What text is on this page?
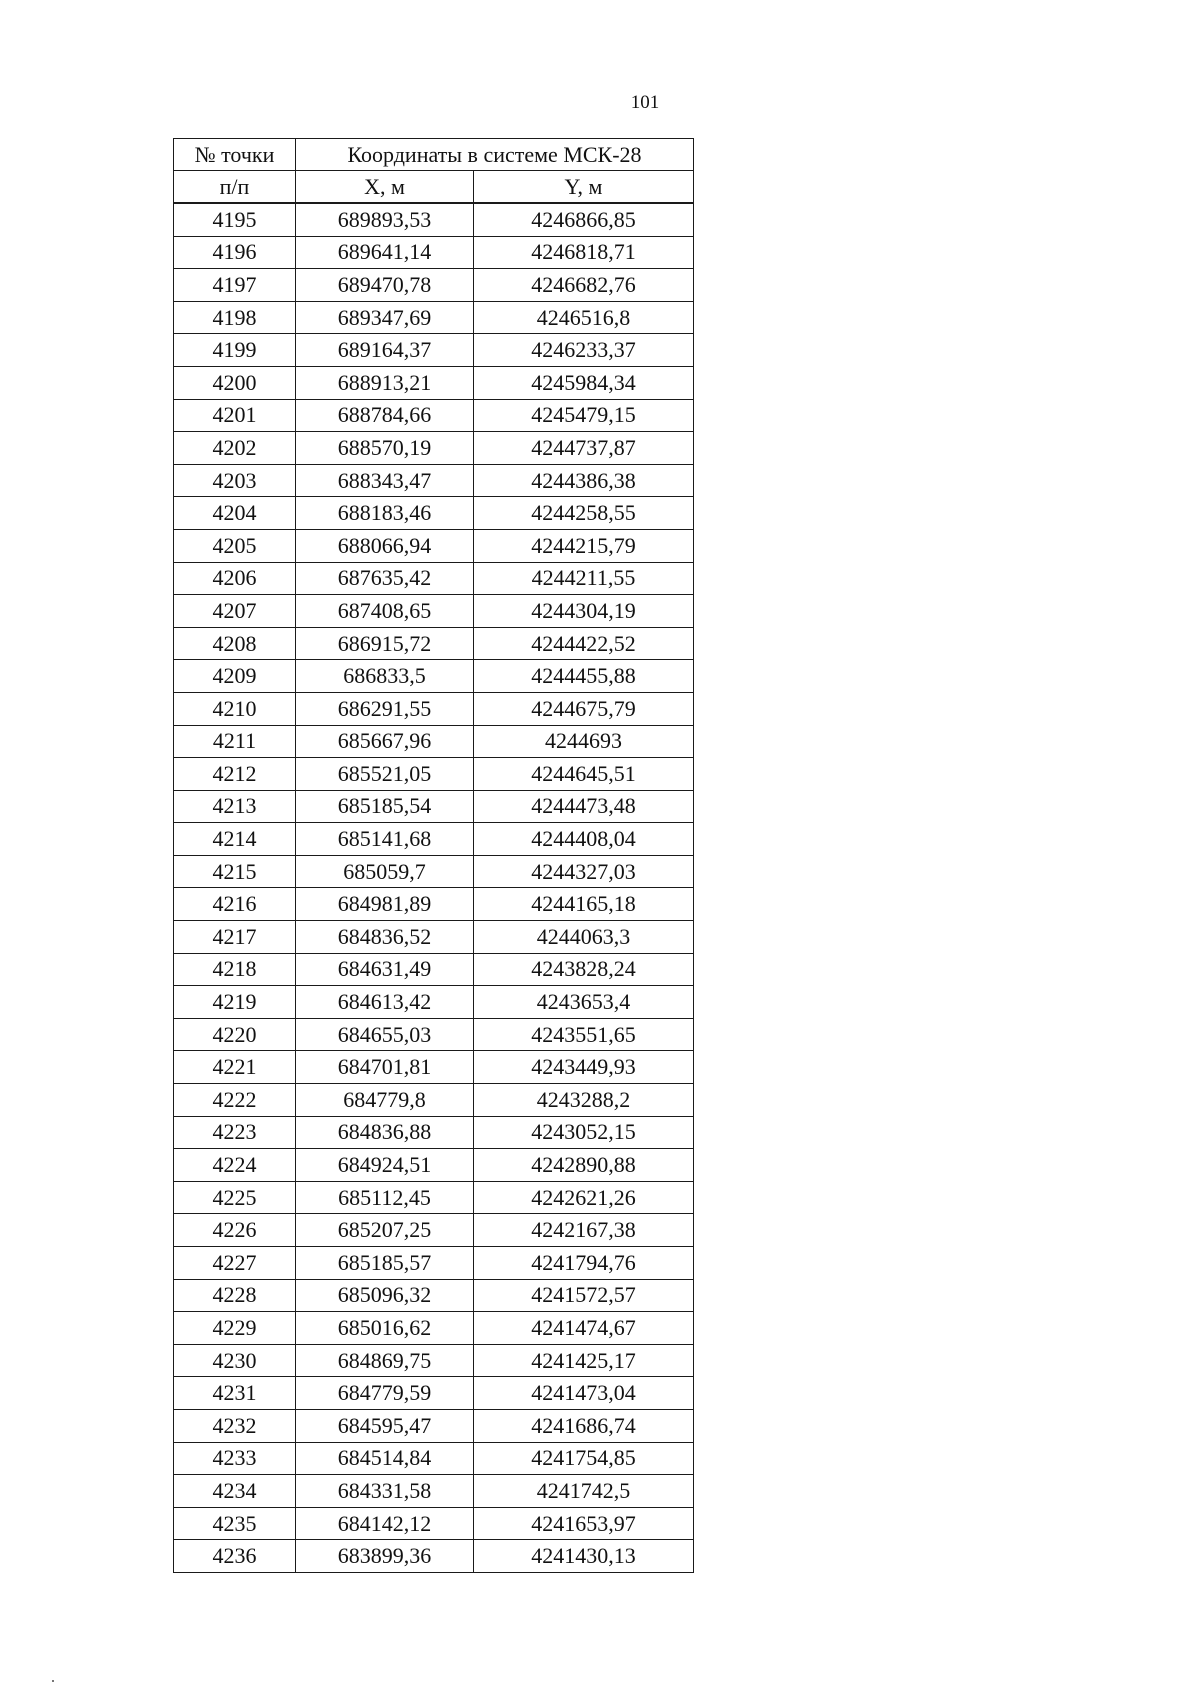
101
№ точки	Координаты в системе МСК-28	
п/п	X, м	Y, м
4195	689893,53	4246866,85
4196	689641,14	4246818,71
4197	689470,78	4246682,76
4198	689347,69	4246516,8
4199	689164,37	4246233,37
4200	688913,21	4245984,34
4201	688784,66	4245479,15
4202	688570,19	4244737,87
4203	688343,47	4244386,38
4204	688183,46	4244258,55
4205	688066,94	4244215,79
4206	687635,42	4244211,55
4207	687408,65	4244304,19
4208	686915,72	4244422,52
4209	686833,5	4244455,88
4210	686291,55	4244675,79
4211	685667,96	4244693
4212	685521,05	4244645,51
4213	685185,54	4244473,48
4214	685141,68	4244408,04
4215	685059,7	4244327,03
4216	684981,89	4244165,18
4217	684836,52	4244063,3
4218	684631,49	4243828,24
4219	684613,42	4243653,4
4220	684655,03	4243551,65
4221	684701,81	4243449,93
4222	684779,8	4243288,2
4223	684836,88	4243052,15
4224	684924,51	4242890,88
4225	685112,45	4242621,26
4226	685207,25	4242167,38
4227	685185,57	4241794,76
4228	685096,32	4241572,57
4229	685016,62	4241474,67
4230	684869,75	4241425,17
4231	684779,59	4241473,04
4232	684595,47	4241686,74
4233	684514,84	4241754,85
4234	684331,58	4241742,5
4235	684142,12	4241653,97
4236	683899,36	4241430,13
